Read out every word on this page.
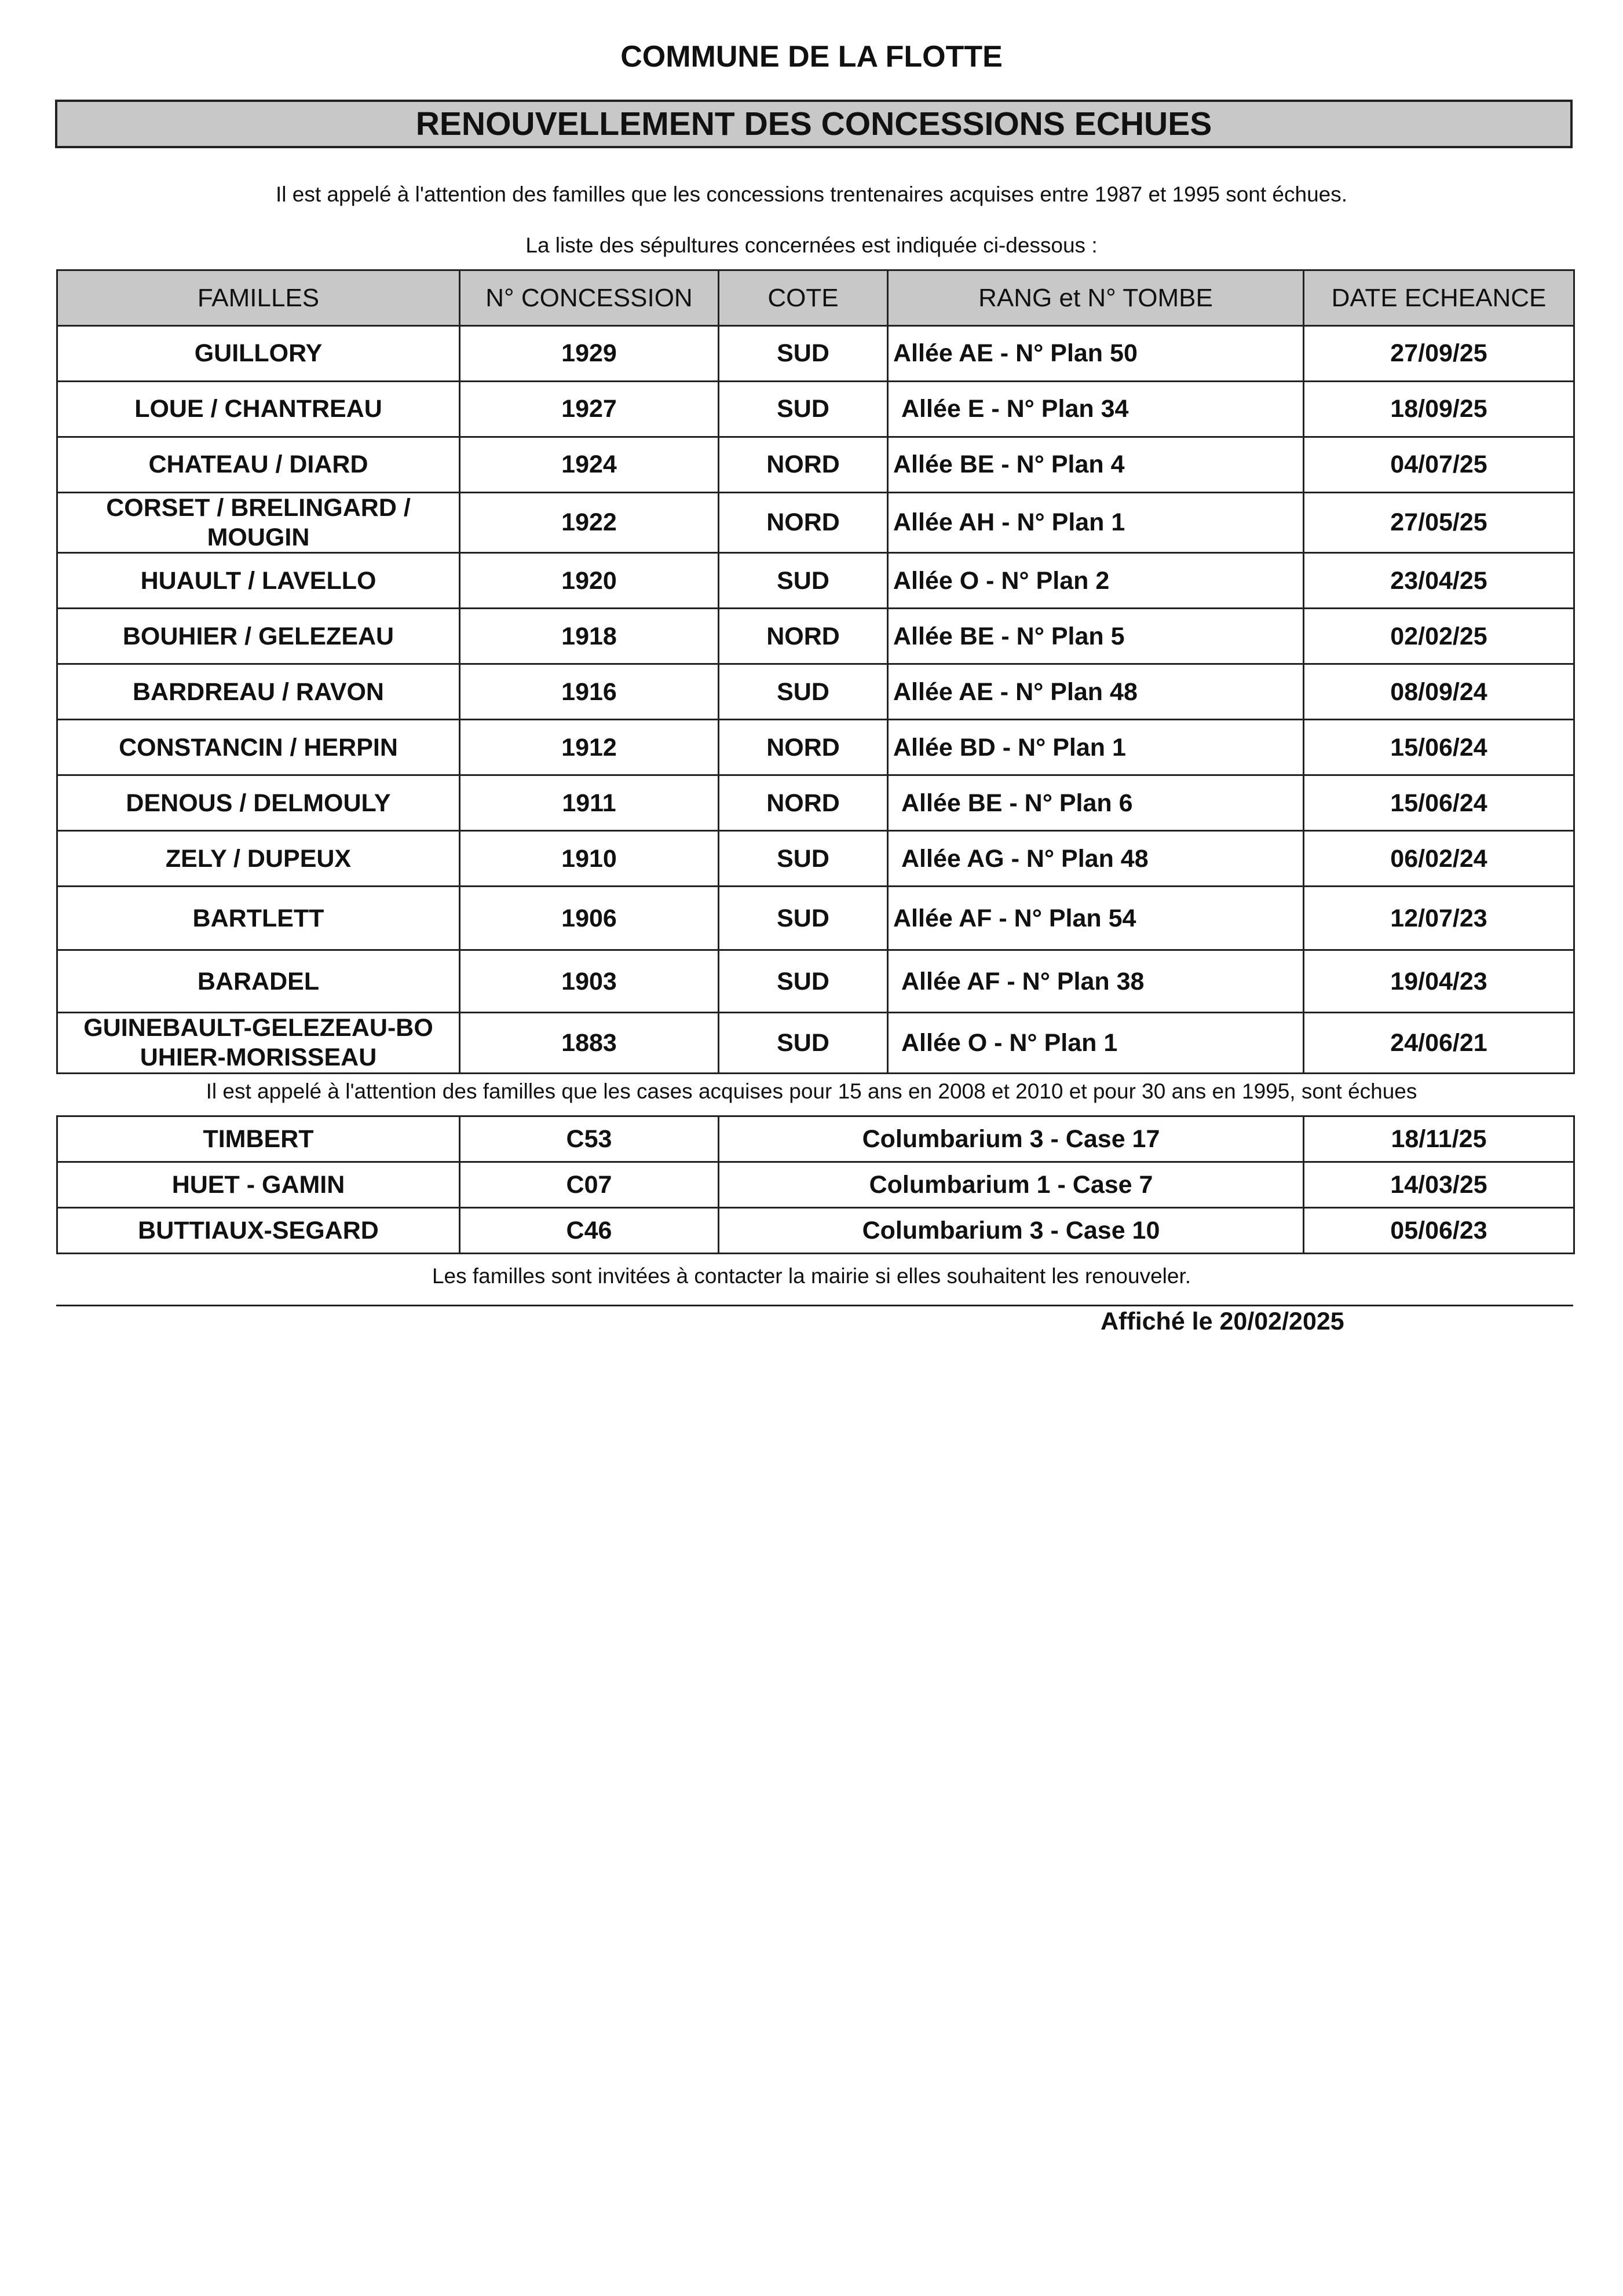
COMMUNE DE LA FLOTTE
RENOUVELLEMENT DES CONCESSIONS ECHUES
Il est appelé à l'attention des familles que les concessions trentenaires acquises entre 1987 et 1995 sont échues.
La liste des sépultures concernées est indiquée ci-dessous :
FAMILLES	N° CONCESSION	COTE	RANG et N° TOMBE	DATE ECHEANCE
GUILLORY	1929	SUD	Allée AE - N° Plan 50	27/09/25
LOUE / CHANTREAU	1927	SUD	Allée E - N° Plan 34	18/09/25
CHATEAU / DIARD	1924	NORD	Allée BE - N° Plan 4	04/07/25
CORSET / BRELINGARD / MOUGIN	1922	NORD	Allée AH - N° Plan 1	27/05/25
HUAULT / LAVELLO	1920	SUD	Allée O - N° Plan 2	23/04/25
BOUHIER / GELEZEAU	1918	NORD	Allée BE - N° Plan 5	02/02/25
BARDREAU / RAVON	1916	SUD	Allée AE - N° Plan 48	08/09/24
CONSTANCIN / HERPIN	1912	NORD	Allée BD - N° Plan 1	15/06/24
DENOUS / DELMOULY	1911	NORD	Allée BE - N° Plan 6	15/06/24
ZELY / DUPEUX	1910	SUD	Allée AG - N° Plan 48	06/02/24
BARTLETT	1906	SUD	Allée AF - N° Plan 54	12/07/23
BARADEL	1903	SUD	Allée AF - N° Plan 38	19/04/23
GUINEBAULT-GELEZEAU-BOUHIER-MORISSEAU	1883	SUD	Allée O - N° Plan 1	24/06/21
Il est appelé à l'attention des familles que les cases acquises pour 15 ans en 2008 et 2010 et pour 30 ans en 1995, sont échues
TIMBERT	C53	Columbarium 3 - Case 17	18/11/25
HUET - GAMIN	C07	Columbarium 1 - Case 7	14/03/25
BUTTIAUX-SEGARD	C46	Columbarium 3 - Case 10	05/06/23
Les familles sont invitées à contacter la mairie si elles souhaitent les renouveler.
Affiché le 20/02/2025
